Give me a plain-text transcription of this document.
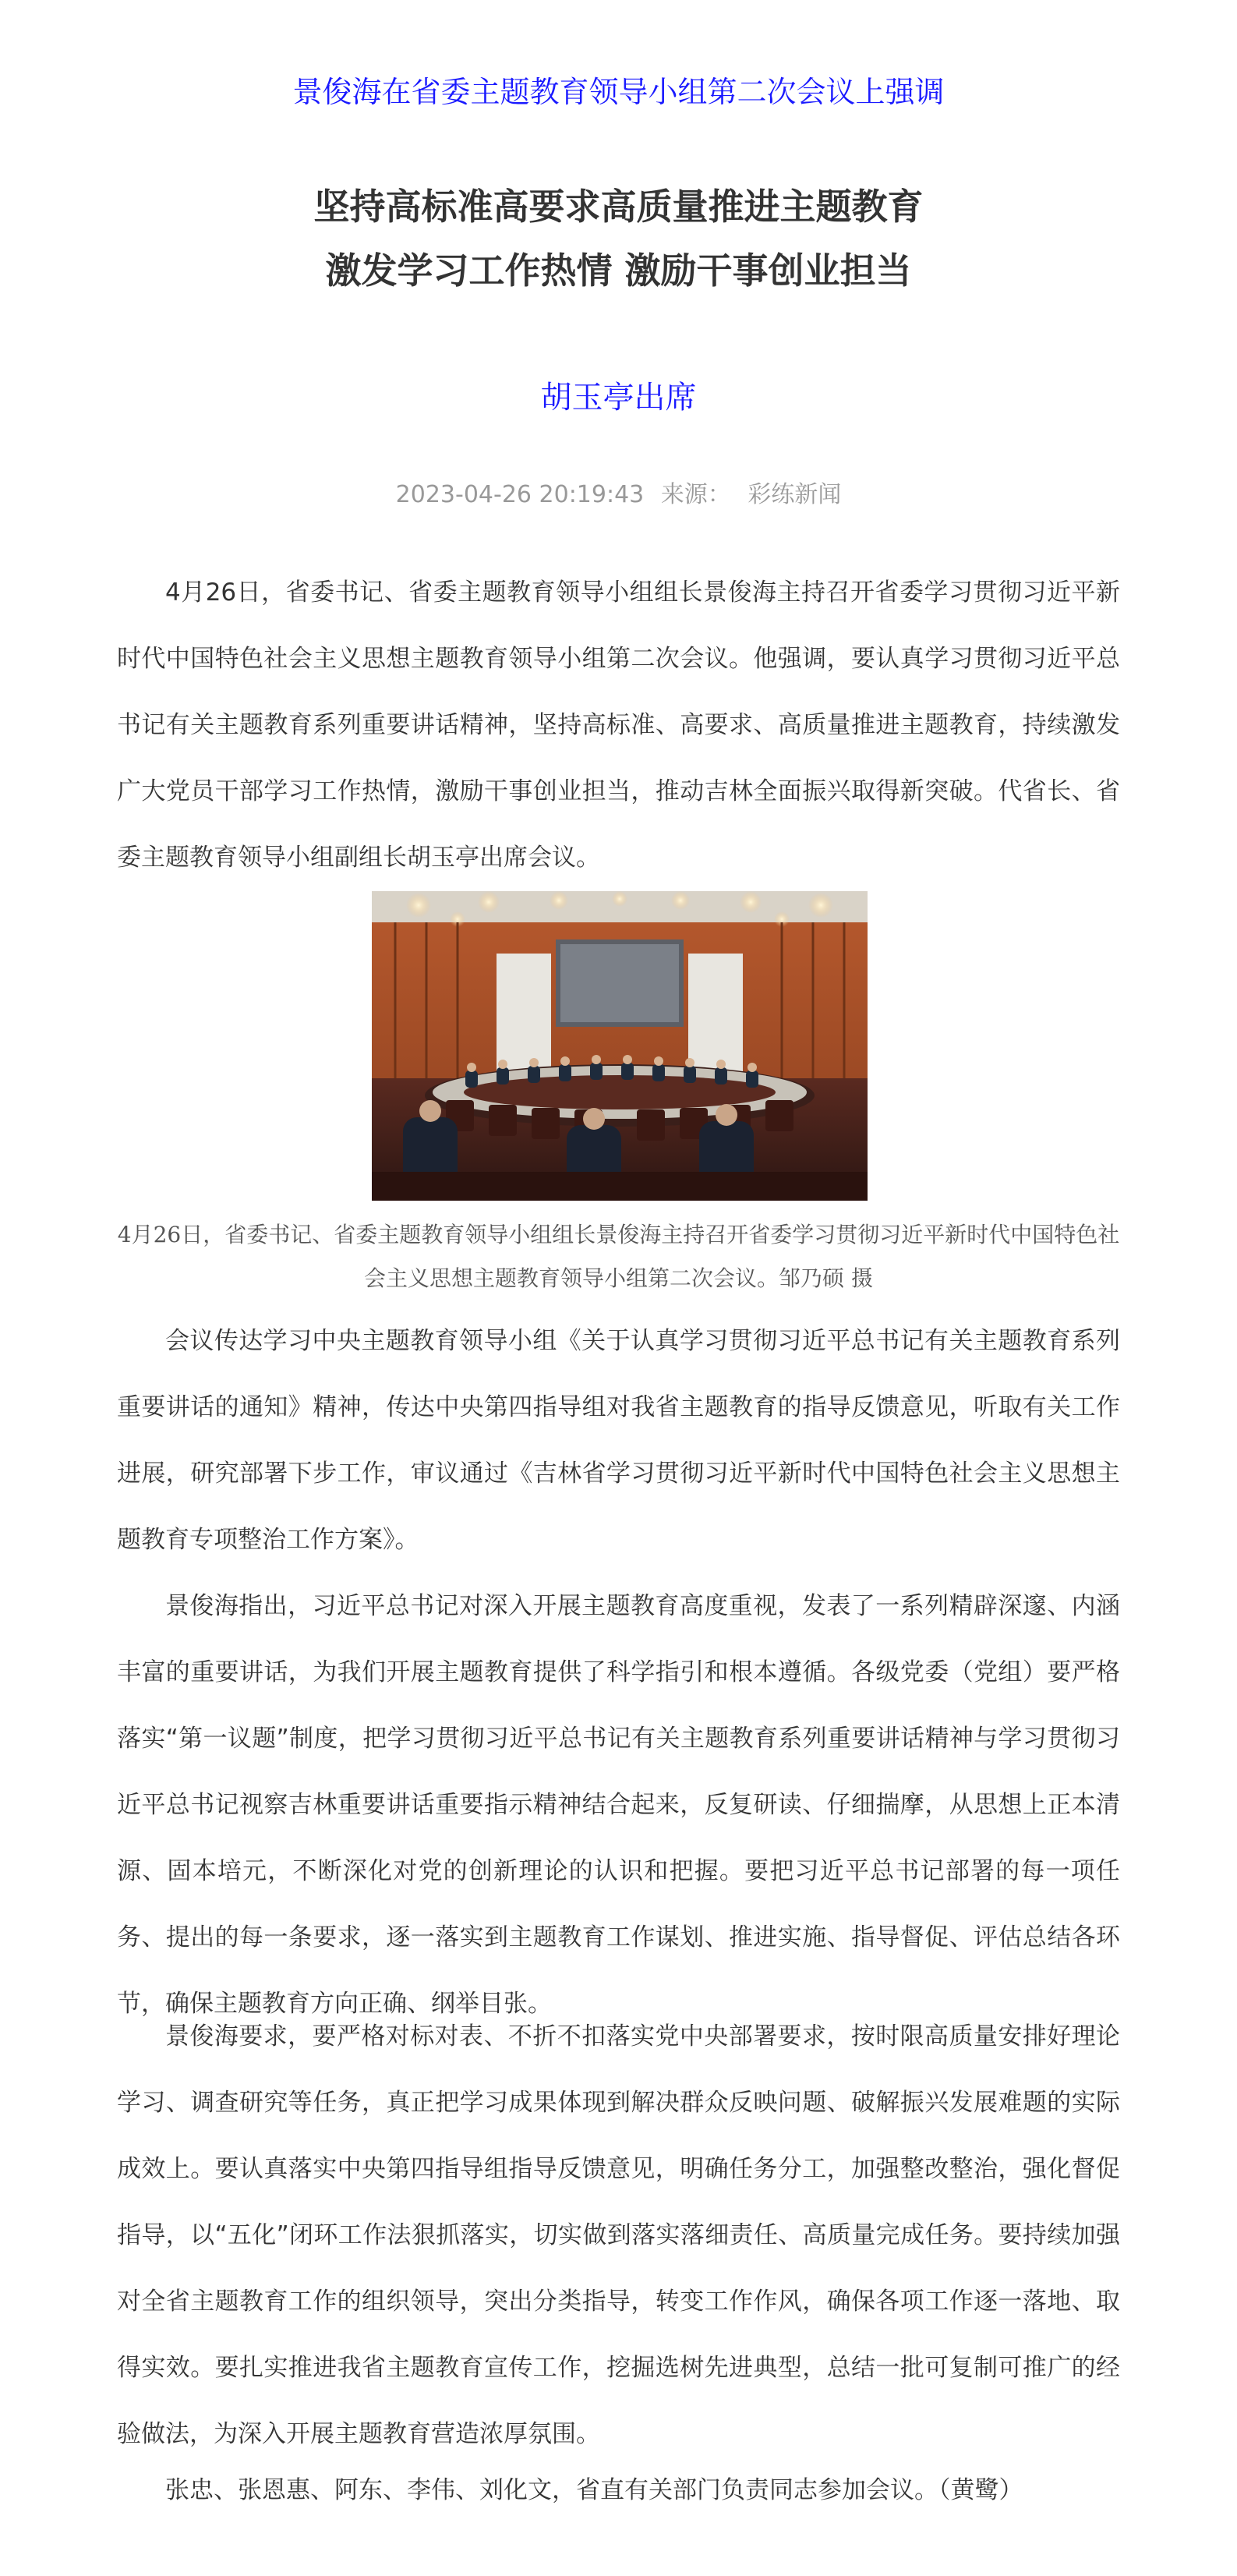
景俊海在省委主题教育领导小组第二次会议上强调
坚持高标准高要求高质量推进主题教育
激发学习工作热情 激励干事创业担当
胡玉亭出席
2023-04-26 20:19:43 来源： 彩练新闻

4月26日，省委书记、省委主题教育领导小组组长景俊海主持召开省委学习贯彻习近平新时代中国特色社会主义思想主题教育领导小组第二次会议。他强调，要认真学习贯彻习近平总书记有关主题教育系列重要讲话精神，坚持高标准、高要求、高质量推进主题教育，持续激发广大党员干部学习工作热情，激励干事创业担当，推动吉林全面振兴取得新突破。代省长、省委主题教育领导小组副组长胡玉亭出席会议。

4月26日，省委书记、省委主题教育领导小组组长景俊海主持召开省委学习贯彻习近平新时代中国特色社会主义思想主题教育领导小组第二次会议。邹乃硕 摄

会议传达学习中央主题教育领导小组《关于认真学习贯彻习近平总书记有关主题教育系列重要讲话的通知》精神，传达中央第四指导组对我省主题教育的指导反馈意见，听取有关工作进展，研究部署下步工作，审议通过《吉林省学习贯彻习近平新时代中国特色社会主义思想主题教育专项整治工作方案》。

景俊海指出，习近平总书记对深入开展主题教育高度重视，发表了一系列精辟深邃、内涵丰富的重要讲话，为我们开展主题教育提供了科学指引和根本遵循。各级党委（党组）要严格落实“第一议题”制度，把学习贯彻习近平总书记有关主题教育系列重要讲话精神与学习贯彻习近平总书记视察吉林重要讲话重要指示精神结合起来，反复研读、仔细揣摩，从思想上正本清源、固本培元，不断深化对党的创新理论的认识和把握。要把习近平总书记部署的每一项任务、提出的每一条要求，逐一落实到主题教育工作谋划、推进实施、指导督促、评估总结各环节，确保主题教育方向正确、纲举目张。

景俊海要求，要严格对标对表、不折不扣落实党中央部署要求，按时限高质量安排好理论学习、调查研究等任务，真正把学习成果体现到解决群众反映问题、破解振兴发展难题的实际成效上。要认真落实中央第四指导组指导反馈意见，明确任务分工，加强整改整治，强化督促指导，以“五化”闭环工作法狠抓落实，切实做到落实落细责任、高质量完成任务。要持续加强对全省主题教育工作的组织领导，突出分类指导，转变工作作风，确保各项工作逐一落地、取得实效。要扎实推进我省主题教育宣传工作，挖掘选树先进典型，总结一批可复制可推广的经验做法，为深入开展主题教育营造浓厚氛围。

张忠、张恩惠、阿东、李伟、刘化文，省直有关部门负责同志参加会议。（黄鹭）
